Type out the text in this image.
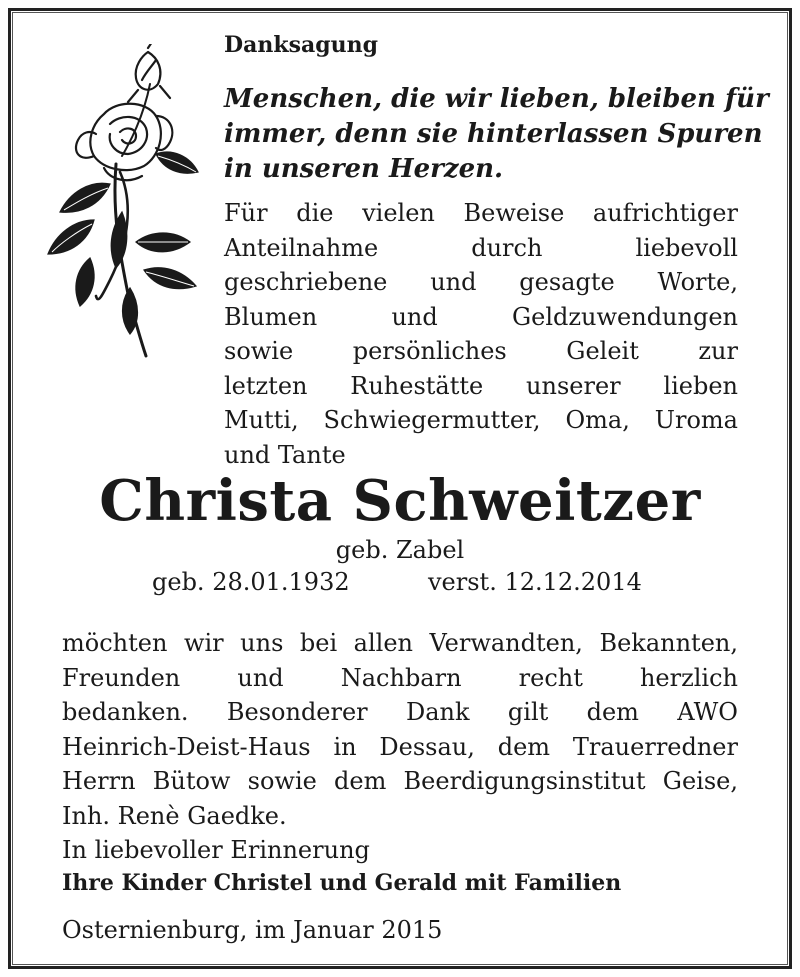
Danksagung
Menschen, die wir lieben, bleiben für
immer, denn sie hinterlassen Spuren
in unseren Herzen.
Für die vielen Beweise aufrichtiger
Anteilnahme	durch	liebevoll
geschriebene und gesagte Worte,
Blumen	und	Geldzuwendungen
sowie persönliches Geleit zur
letzten Ruhestätte unserer lieben
Mutti, Schwiegermutter, Oma, Uroma
und Tante
Christa Schweitzer
geb. Zabel
geb. 28.01.1932	verst. 12.12.2014
möchten wir uns bei allen Verwandten, Bekannten,
Freunden und Nachbarn recht herzlich
bedanken. Besonderer Dank gilt dem AWO
Heinrich-Deist-Haus in Dessau, dem Trauerredner
Herrn Bütow sowie dem Beerdigungsinstitut Geise,
Inh. Renè Gaedke.
In liebevoller Erinnerung
Ihre Kinder Christel und Gerald mit Familien
Osternienburg, im Januar 2015
